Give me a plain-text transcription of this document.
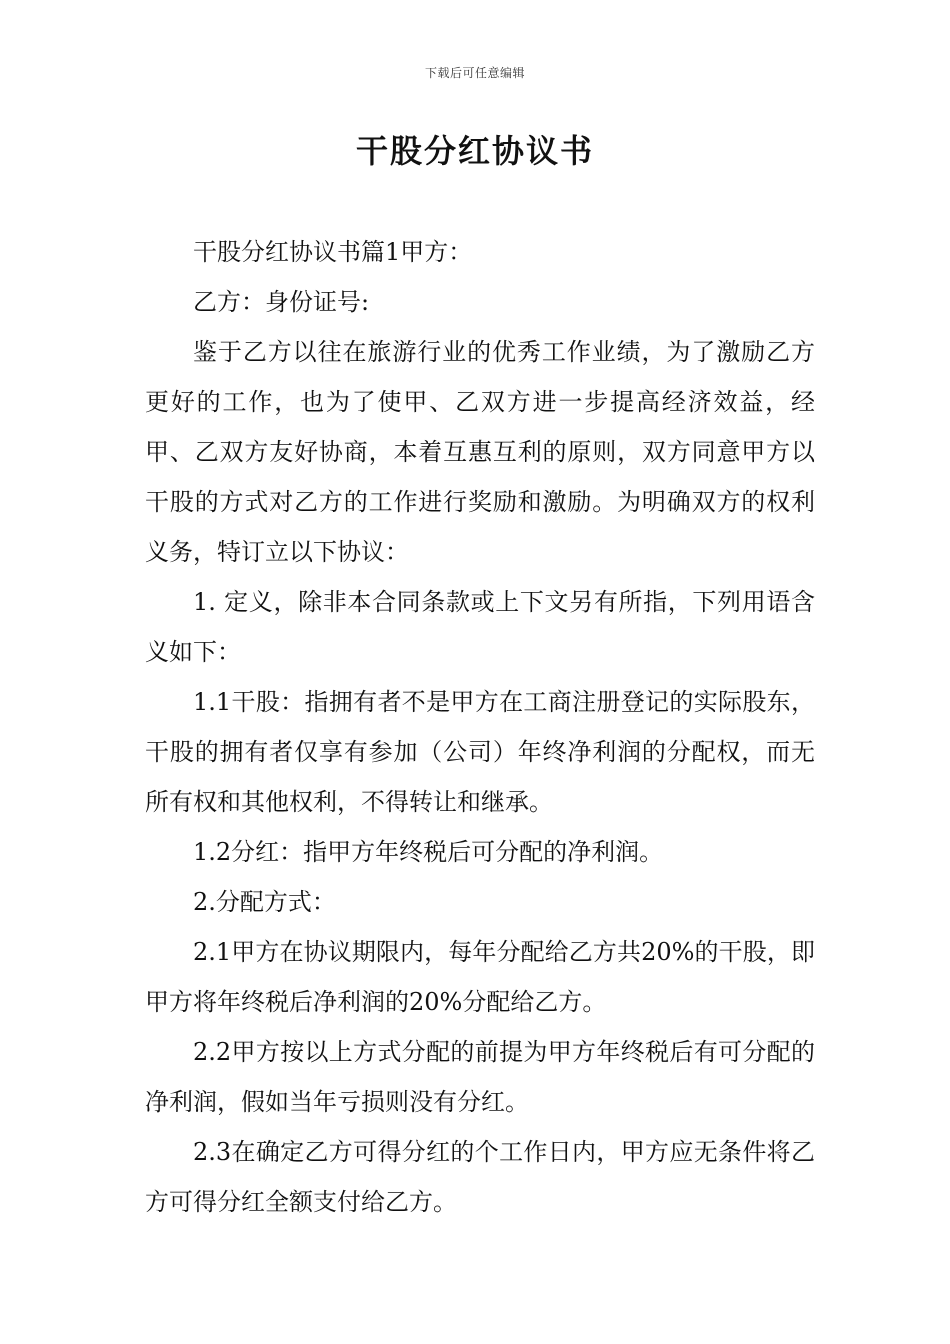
下载后可任意编辑
干股分红协议书

干股分红协议书篇1甲方：

乙方：身份证号:

鉴于乙方以往在旅游行业的优秀工作业绩，为了激励乙方更好的工作，也为了使甲、乙双方进一步提高经济效益，经甲、乙双方友好协商，本着互惠互利的原则，双方同意甲方以干股的方式对乙方的工作进行奖励和激励。为明确双方的权利义务，特订立以下协议：

1. 定义，除非本合同条款或上下文另有所指，下列用语含义如下：

1.1干股：指拥有者不是甲方在工商注册登记的实际股东，干股的拥有者仅享有参加（公司）年终净利润的分配权，而无所有权和其他权利，不得转让和继承。

1.2分红：指甲方年终税后可分配的净利润。

2.分配方式：

2.1甲方在协议期限内，每年分配给乙方共20%的干股，即甲方将年终税后净利润的20%分配给乙方。

2.2甲方按以上方式分配的前提为甲方年终税后有可分配的净利润，假如当年亏损则没有分红。

2.3在确定乙方可得分红的个工作日内，甲方应无条件将乙方可得分红全额支付给乙方。
